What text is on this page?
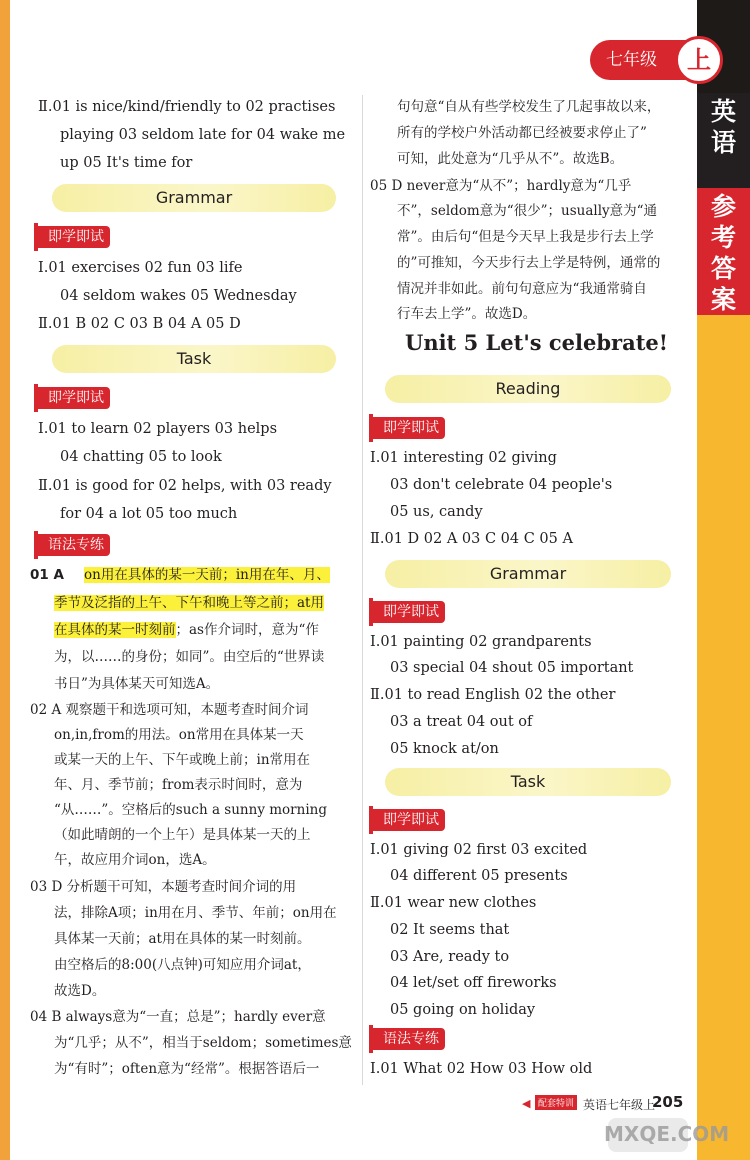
七年级	上
英
语
参
考
答
案
Ⅱ.01 is nice/kind/friendly to 02 practises
playing 03 seldom late for 04 wake me
up 05 It's time for
Grammar
即学即试
Ⅰ.01 exercises 02 fun 03 life
04 seldom wakes 05 Wednesday
Ⅱ.01 B 02 C 03 B 04 A 05 D
Task
即学即试
Ⅰ.01 to learn 02 players 03 helps
04 chatting 05 to look
Ⅱ.01 is good for 02 helps, with 03 ready
for 04 a lot 05 too much
语法专练
01 A on用在具体的某一天前；in用在年、月、
季节及泛指的上午、下午和晚上等之前；at用
在具体的某一时刻前；as作介词时，意为“作
为，以……的身份；如同”。由空后的“世界读
书日”为具体某天可知选A。
02 A 观察题干和选项可知，本题考查时间介词
on,in,from的用法。on常用在具体某一天
或某一天的上午、下午或晚上前；in常用在
年、月、季节前；from表示时间时，意为
“从……”。空格后的such a sunny morning
（如此晴朗的一个上午）是具体某一天的上
午，故应用介词on，选A。
03 D 分析题干可知，本题考查时间介词的用
法，排除A项；in用在月、季节、年前；on用在
具体某一天前；at用在具体的某一时刻前。
由空格后的8:00(八点钟)可知应用介词at，
故选D。
04 B always意为“一直；总是”；hardly ever意
为“几乎；从不”，相当于seldom；sometimes意
为“有时”；often意为“经常”。根据答语后一
句句意“自从有些学校发生了几起事故以来，
所有的学校户外活动都已经被要求停止了”
可知，此处意为“几乎从不”。故选B。
05 D never意为“从不”；hardly意为“几乎
不”，seldom意为“很少”；usually意为“通
常”。由后句“但是今天早上我是步行去上学
的”可推知，今天步行去上学是特例，通常的
情况并非如此。前句句意应为“我通常骑自
行车去上学”。故选D。
Unit 5 Let's celebrate!
Reading
即学即试
Ⅰ.01 interesting 02 giving
03 don't celebrate 04 people's
05 us, candy
Ⅱ.01 D 02 A 03 C 04 C 05 A
Grammar
即学即试
Ⅰ.01 painting 02 grandparents
03 special 04 shout 05 important
Ⅱ.01 to read English 02 the other
03 a treat 04 out of
05 knock at/on
Task
即学即试
Ⅰ.01 giving 02 first 03 excited
04 different 05 presents
Ⅱ.01 wear new clothes
02 It seems that
03 Are, ready to
04 let/set off fireworks
05 going on holiday
语法专练
Ⅰ.01 What 02 How 03 How old
◀ 配套特训 英语七年级上
205
MXQE.COM
